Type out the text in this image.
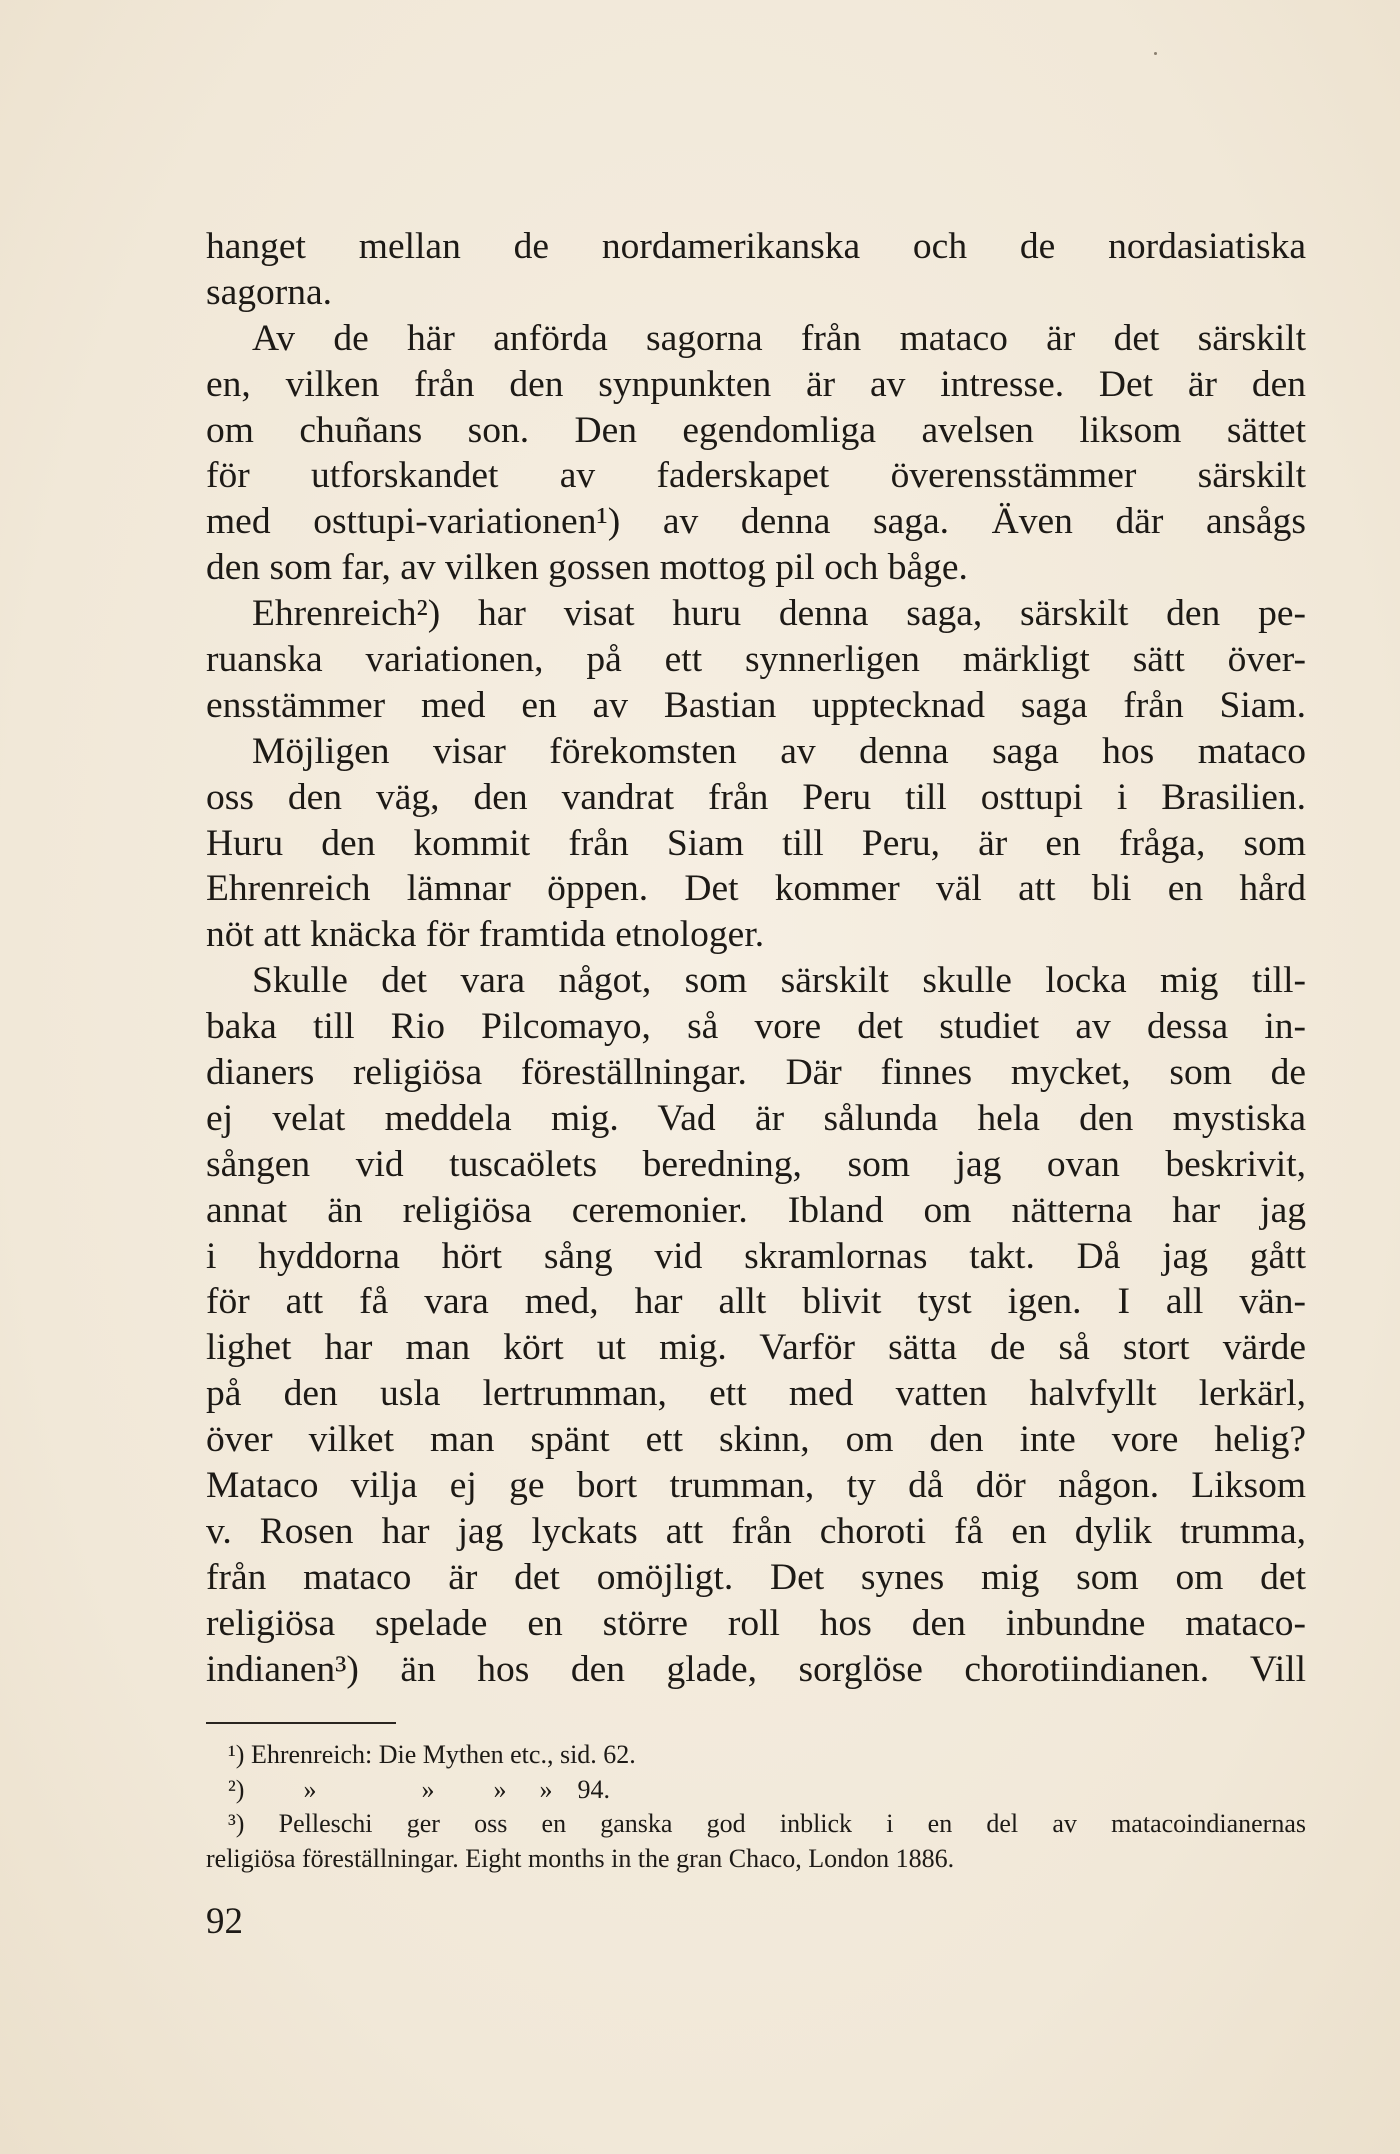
hanget mellan de nordamerikanska och de nordasiatiska
sagorna.
Av de här anförda sagorna från mataco är det särskilt
en, vilken från den synpunkten är av intresse. Det är den
om chuñans son. Den egendomliga avelsen liksom sättet
för utforskandet av faderskapet överensstämmer särskilt
med osttupi-variationen¹) av denna saga. Även där ansågs
den som far, av vilken gossen mottog pil och båge.
Ehrenreich²) har visat huru denna saga, särskilt den pe-
ruanska variationen, på ett synnerligen märkligt sätt över-
ensstämmer med en av Bastian upptecknad saga från Siam.
Möjligen visar förekomsten av denna saga hos mataco
oss den väg, den vandrat från Peru till osttupi i Brasilien.
Huru den kommit från Siam till Peru, är en fråga, som
Ehrenreich lämnar öppen. Det kommer väl att bli en hård
nöt att knäcka för framtida etnologer.
Skulle det vara något, som särskilt skulle locka mig till-
baka till Rio Pilcomayo, så vore det studiet av dessa in-
dianers religiösa föreställningar. Där finnes mycket, som de
ej velat meddela mig. Vad är sålunda hela den mystiska
sången vid tuscaölets beredning, som jag ovan beskrivit,
annat än religiösa ceremonier. Ibland om nätterna har jag
i hyddorna hört sång vid skramlornas takt. Då jag gått
för att få vara med, har allt blivit tyst igen. I all vän-
lighet har man kört ut mig. Varför sätta de så stort värde
på den usla lertrumman, ett med vatten halvfyllt lerkärl,
över vilket man spänt ett skinn, om den inte vore helig?
Mataco vilja ej ge bort trumman, ty då dör någon. Liksom
v. Rosen har jag lyckats att från choroti få en dylik trumma,
från mataco är det omöjligt. Det synes mig som om det
religiösa spelade en större roll hos den inbundne mataco-
indianen³) än hos den glade, sorglöse chorotiindianen. Vill
¹) Ehrenreich: Die Mythen etc., sid. 62.
²) »	» » » 94.
³) Pelleschi ger oss en ganska god inblick i en del av matacoindianernas
religiösa föreställningar. Eight months in the gran Chaco, London 1886.
92
